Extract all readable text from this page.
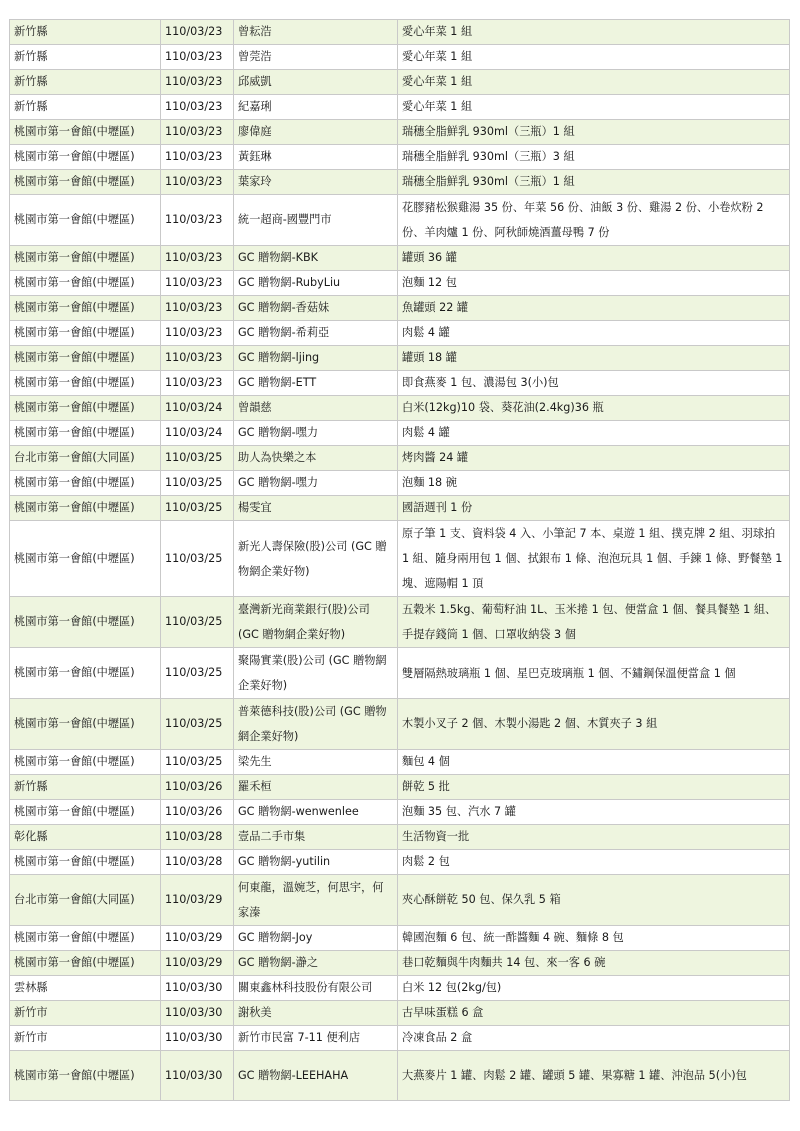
新竹縣	110/03/23	曾耘浩	愛心年菜 1 組
新竹縣	110/03/23	曾莞浩	愛心年菜 1 組
新竹縣	110/03/23	邱威凱	愛心年菜 1 組
新竹縣	110/03/23	紀嘉琍	愛心年菜 1 組
桃園市第一會館(中壢區)	110/03/23	廖偉庭	瑞穗全脂鮮乳 930ml（三瓶）1 組
桃園市第一會館(中壢區)	110/03/23	黃鈺琳	瑞穗全脂鮮乳 930ml（三瓶）3 組
桃園市第一會館(中壢區)	110/03/23	葉家玲	瑞穗全脂鮮乳 930ml（三瓶）1 組
桃園市第一會館(中壢區)	110/03/23	統一超商-國豐門市	花膠豬松猴雞湯 35 份、年菜 56 份、油飯 3 份、雞湯 2 份、小卷炊粉 2 份、羊肉爐 1 份、阿秋師燒酒薑母鴨 7 份
桃園市第一會館(中壢區)	110/03/23	GC 贈物網-KBK	罐頭 36 罐
桃園市第一會館(中壢區)	110/03/23	GC 贈物網-RubyLiu	泡麵 12 包
桃園市第一會館(中壢區)	110/03/23	GC 贈物網-香菇妹	魚罐頭 22 罐
桃園市第一會館(中壢區)	110/03/23	GC 贈物網-希莉亞	肉鬆 4 罐
桃園市第一會館(中壢區)	110/03/23	GC 贈物網-ljing	罐頭 18 罐
桃園市第一會館(中壢區)	110/03/23	GC 贈物網-ETT	即食燕麥 1 包、濃湯包 3(小)包
桃園市第一會館(中壢區)	110/03/24	曾韻慈	白米(12kg)10 袋、葵花油(2.4kg)36 瓶
桃園市第一會館(中壢區)	110/03/24	GC 贈物網-嘿力	肉鬆 4 罐
台北市第一會館(大同區)	110/03/25	助人為快樂之本	烤肉醬 24 罐
桃園市第一會館(中壢區)	110/03/25	GC 贈物網-嘿力	泡麵 18 碗
桃園市第一會館(中壢區)	110/03/25	楊雯宜	國語週刊 1 份
桃園市第一會館(中壢區)	110/03/25	新光人壽保險(股)公司 (GC 贈物網企業好物)	原子筆 1 支、資料袋 4 入、小筆記 7 本、桌遊 1 組、撲克牌 2 組、羽球拍 1 組、隨身兩用包 1 個、拭銀布 1 條、泡泡玩具 1 個、手鍊 1 條、野餐墊 1 塊、遮陽帽 1 頂
桃園市第一會館(中壢區)	110/03/25	臺灣新光商業銀行(股)公司 (GC 贈物網企業好物)	五穀米 1.5kg、葡萄籽油 1L、玉米捲 1 包、便當盒 1 個、餐具餐墊 1 組、手提存錢筒 1 個、口罩收納袋 3 個
桃園市第一會館(中壢區)	110/03/25	聚陽實業(股)公司 (GC 贈物網企業好物)	雙層隔熱玻璃瓶 1 個、星巴克玻璃瓶 1 個、不鏽鋼保溫便當盒 1 個
桃園市第一會館(中壢區)	110/03/25	普萊德科技(股)公司 (GC 贈物網企業好物)	木製小叉子 2 個、木製小湯匙 2 個、木質夾子 3 組
桃園市第一會館(中壢區)	110/03/25	梁先生	麵包 4 個
新竹縣	110/03/26	羅禾桓	餅乾 5 批
桃園市第一會館(中壢區)	110/03/26	GC 贈物網-wenwenlee	泡麵 35 包、汽水 7 罐
彰化縣	110/03/28	壹品二手市集	生活物資一批
桃園市第一會館(中壢區)	110/03/28	GC 贈物網-yutilin	肉鬆 2 包
台北市第一會館(大同區)	110/03/29	何東龍，溫婉芝，何思宇，何家溱	夾心酥餅乾 50 包、保久乳 5 箱
桃園市第一會館(中壢區)	110/03/29	GC 贈物網-Joy	韓國泡麵 6 包、統一酢醬麵 4 碗、麵條 8 包
桃園市第一會館(中壢區)	110/03/29	GC 贈物網-瀞之	巷口乾麵與牛肉麵共 14 包、來一客 6 碗
雲林縣	110/03/30	關東鑫林科技股份有限公司	白米 12 包(2kg/包)
新竹市	110/03/30	謝秋美	古早味蛋糕 6 盒
新竹市	110/03/30	新竹市民富 7-11 便利店	冷凍食品 2 盒
桃園市第一會館(中壢區)	110/03/30	GC 贈物網-LEEHAHA	大燕麥片 1 罐、肉鬆 2 罐、罐頭 5 罐、果寡糖 1 罐、沖泡品 5(小)包
